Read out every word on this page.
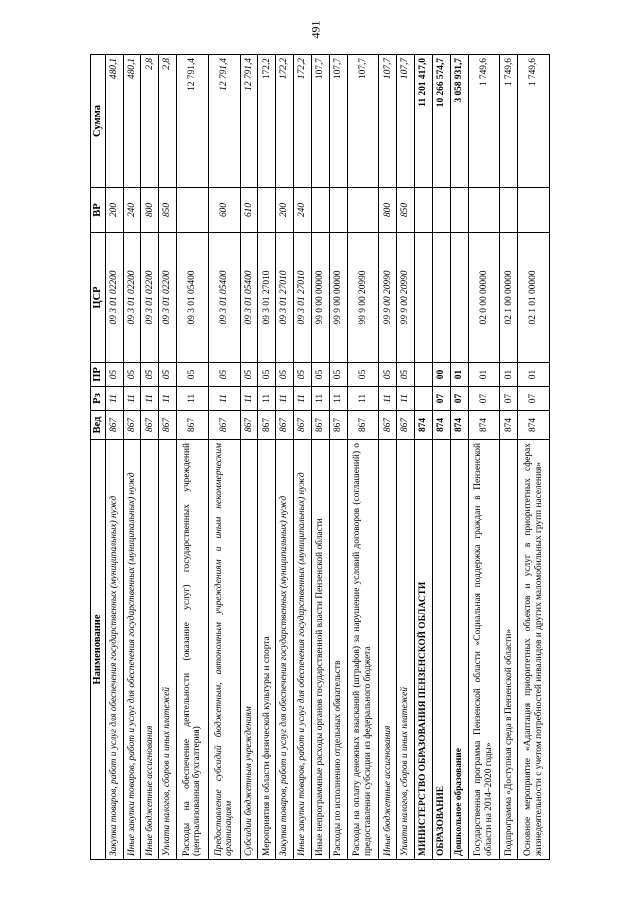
491
Наименование	Вед	Рз	ПР	ЦСР	ВР	Сумма
Закупка товаров, работ и услуг для обеспечения государственных (муниципальных) нужд	867	11	05	09 3 01 02200	200	480,1
Иные закупки товаров, работ и услуг для обеспечения государственных (муниципальных) нужд	867	11	05	09 3 01 02200	240	480,1
Иные бюджетные ассигнования	867	11	05	09 3 01 02200	800	2,8
Уплата налогов, сборов и иных платежей	867	11	05	09 3 01 02200	850	2,8
Расходы на обеспечение деятельности (оказание услуг) государственных учреждений (централизованная бухгалтерия)	867	11	05	09 3 01 05400		12 791,4
Предоставление субсидий бюджетным, автономным учреждениям и иным некоммерческим организациям	867	11	05	09 3 01 05400	600	12 791,4
Субсидии бюджетным учреждениям	867	11	05	09 3 01 05400	610	12 791,4
Мероприятия в области физической культуры и спорта	867	11	05	09 3 01 27010		172,2
Закупка товаров, работ и услуг для обеспечения государственных (муниципальных) нужд	867	11	05	09 3 01 27010	200	172,2
Иные закупки товаров, работ и услуг для обеспечения государственных (муниципальных) нужд	867	11	05	09 3 01 27010	240	172,2
Иные непрограммные расходы органов государственной власти Пензенской области	867	11	05	99 0 00 00000		107,7
Расходы по исполнению отдельных обязательств	867	11	05	99 9 00 00000		107,7
Расходы на оплату денежных взысканий (штрафов) за нарушение условий договоров (соглашений) о предоставлении субсидии из федерального бюджета	867	11	05	99 9 00 20990		107,7
Иные бюджетные ассигнования	867	11	05	99 9 00 20990	800	107,7
Уплата налогов, сборов и иных платежей	867	11	05	99 9 00 20990	850	107,7
МИНИСТЕРСТВО ОБРАЗОВАНИЯ ПЕНЗЕНСКОЙ ОБЛАСТИ	874					11 201 417,0
ОБРАЗОВАНИЕ	874	07	00			10 266 574,7
Дошкольное образование	874	07	01			3 058 931,7
Государственная программа Пензенской области «Социальная поддержка граждан в Пензенской области на 2014–2020 годы»	874	07	01	02 0 00 00000		1 749,6
Подпрограмма «Доступная среда в Пензенской области»	874	07	01	02 1 00 00000		1 749,6
Основное мероприятие «Адаптация приоритетных объектов и услуг в приоритетных сферах жизнедеятельности с учетом потребностей инвалидов и других маломобильных групп населения»	874	07	01	02 1 01 00000		1 749,6
